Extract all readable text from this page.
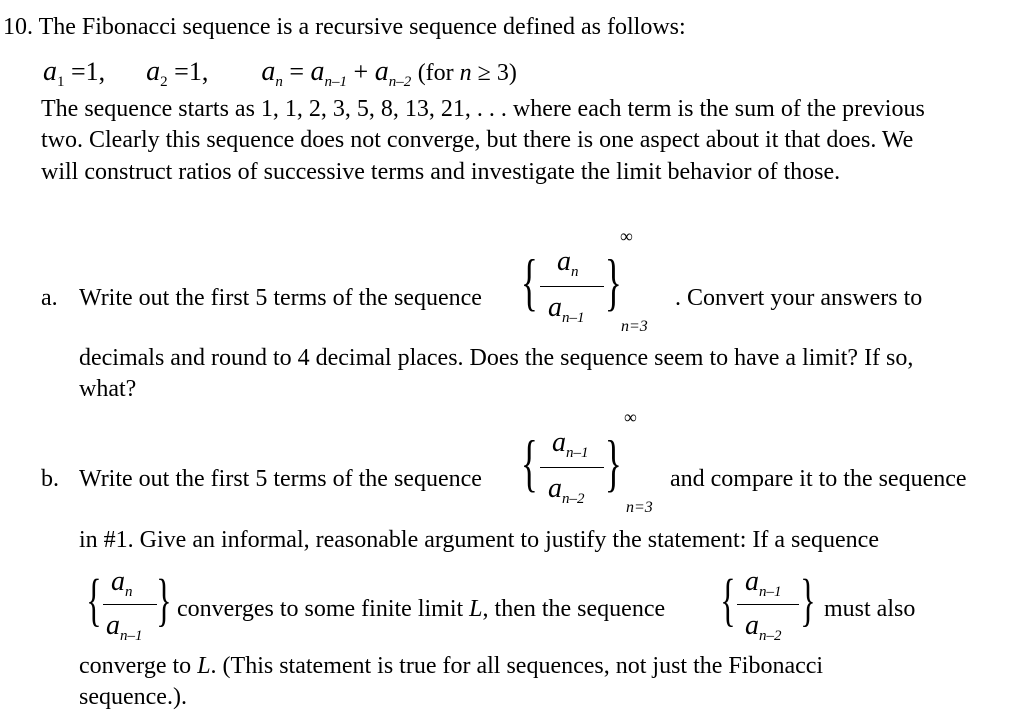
10. The Fibonacci sequence is a recursive sequence defined as follows:
$a_1 =1$, $a_2 =1$, $a_n = a_{n-1} + a_{n-2}$ (for n ≥ 3)
The sequence starts as 1, 1, 2, 3, 5, 8, 13, 21, . . . where each term is the sum of the previous
two. Clearly this sequence does not converge, but there is one aspect about it that does. We
will construct ratios of successive terms and investigate the limit behavior of those.
a. Write out the first 5 terms of the sequence { $a_n$
$a_{n-1}$
}
∞
n=3
. Convert your answers to
decimals and round to 4 decimal places. Does the sequence seem to have a limit? If so,
what?
b. Write out the first 5 terms of the sequence { $a_{n-1}$
$a_{n-2}$
}
∞
n=3
and compare it to the sequence
in #1. Give an informal, reasonable argument to justify the statement: If a sequence
{ $a_n$
$a_{n-1}$
} converges to some finite limit L, then the sequence { $a_{n-1}$
$a_{n-2}$
} must also
converge to L. (This statement is true for all sequences, not just the Fibonacci
sequence.).
